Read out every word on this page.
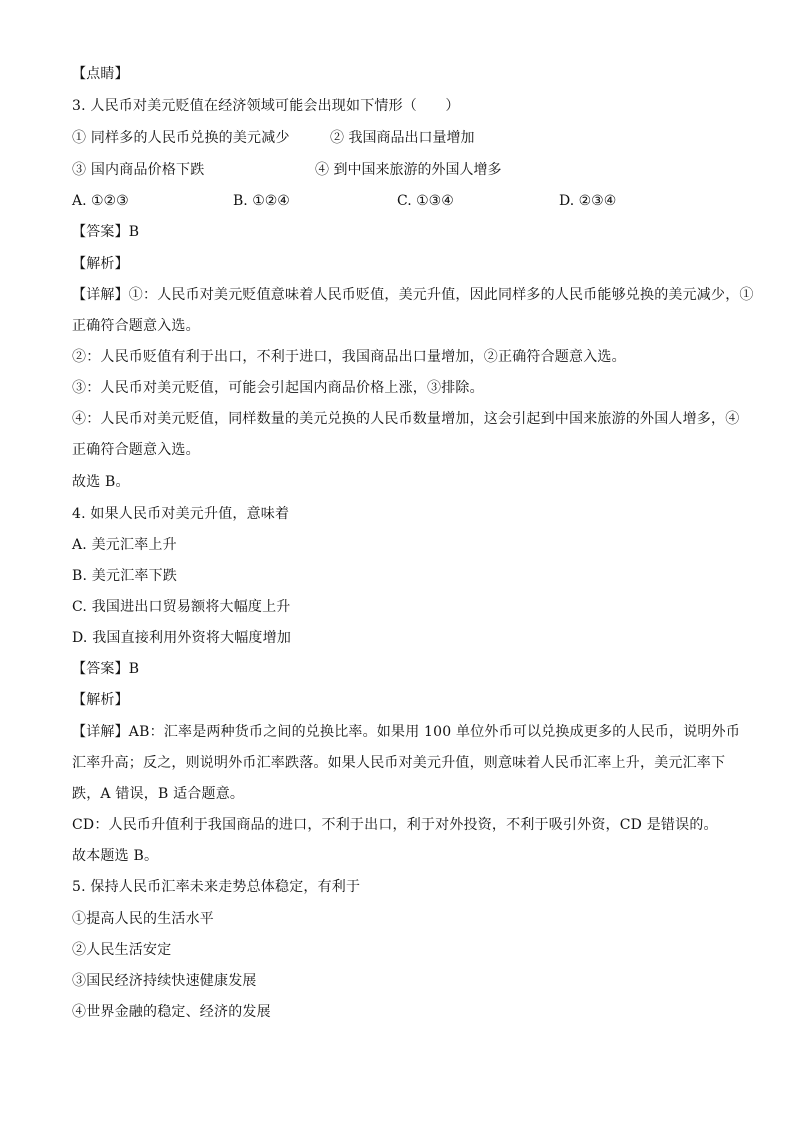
【点睛】
3. 人民币对美元贬值在经济领域可能会出现如下情形（　　）
① 同样多的人民币兑换的美元减少	② 我国商品出口量增加
③ 国内商品价格下跌	④ 到中国来旅游的外国人增多
A. ①②③	B. ①②④	C. ①③④	D. ②③④
【答案】B
【解析】
【详解】①：人民币对美元贬值意味着人民币贬值，美元升值，因此同样多的人民币能够兑换的美元减少，①
正确符合题意入选。
②：人民币贬值有利于出口，不利于进口，我国商品出口量增加，②正确符合题意入选。
③：人民币对美元贬值，可能会引起国内商品价格上涨，③排除。
④：人民币对美元贬值，同样数量的美元兑换的人民币数量增加，这会引起到中国来旅游的外国人增多，④
正确符合题意入选。
故选 B。
4. 如果人民币对美元升值，意味着
A. 美元汇率上升
B. 美元汇率下跌
C. 我国进出口贸易额将大幅度上升
D. 我国直接利用外资将大幅度增加
【答案】B
【解析】
【详解】AB：汇率是两种货币之间的兑换比率。如果用 100 单位外币可以兑换成更多的人民币，说明外币
汇率升高；反之，则说明外币汇率跌落。如果人民币对美元升值，则意味着人民币汇率上升，美元汇率下
跌，A 错误，B 适合题意。
CD：人民币升值利于我国商品的进口，不利于出口，利于对外投资，不利于吸引外资，CD 是错误的。
故本题选 B。
5. 保持人民币汇率未来走势总体稳定，有利于
①提高人民的生活水平
②人民生活安定
③国民经济持续快速健康发展
④世界金融的稳定、经济的发展
